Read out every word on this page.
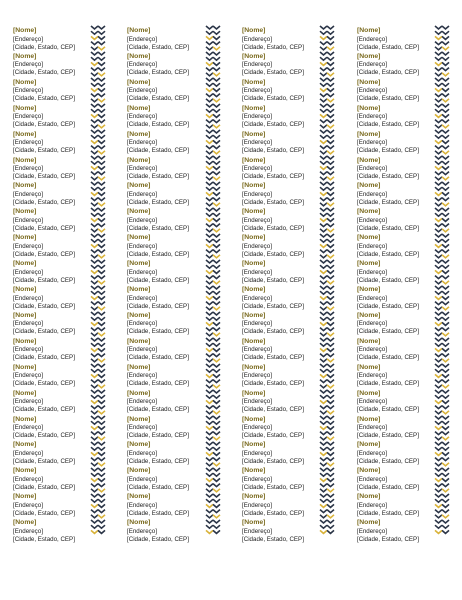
[Nome]
[Endereço]
[Cidade, Estado, CEP]
[Nome]
[Endereço]
[Cidade, Estado, CEP]
[Nome]
[Endereço]
[Cidade, Estado, CEP]
[Nome]
[Endereço]
[Cidade, Estado, CEP]
[Nome]
[Endereço]
[Cidade, Estado, CEP]
[Nome]
[Endereço]
[Cidade, Estado, CEP]
[Nome]
[Endereço]
[Cidade, Estado, CEP]
[Nome]
[Endereço]
[Cidade, Estado, CEP]
[Nome]
[Endereço]
[Cidade, Estado, CEP]
[Nome]
[Endereço]
[Cidade, Estado, CEP]
[Nome]
[Endereço]
[Cidade, Estado, CEP]
[Nome]
[Endereço]
[Cidade, Estado, CEP]
[Nome]
[Endereço]
[Cidade, Estado, CEP]
[Nome]
[Endereço]
[Cidade, Estado, CEP]
[Nome]
[Endereço]
[Cidade, Estado, CEP]
[Nome]
[Endereço]
[Cidade, Estado, CEP]
[Nome]
[Endereço]
[Cidade, Estado, CEP]
[Nome]
[Endereço]
[Cidade, Estado, CEP]
[Nome]
[Endereço]
[Cidade, Estado, CEP]
[Nome]
[Endereço]
[Cidade, Estado, CEP]
[Nome]
[Endereço]
[Cidade, Estado, CEP]
[Nome]
[Endereço]
[Cidade, Estado, CEP]
[Nome]
[Endereço]
[Cidade, Estado, CEP]
[Nome]
[Endereço]
[Cidade, Estado, CEP]
[Nome]
[Endereço]
[Cidade, Estado, CEP]
[Nome]
[Endereço]
[Cidade, Estado, CEP]
[Nome]
[Endereço]
[Cidade, Estado, CEP]
[Nome]
[Endereço]
[Cidade, Estado, CEP]
[Nome]
[Endereço]
[Cidade, Estado, CEP]
[Nome]
[Endereço]
[Cidade, Estado, CEP]
[Nome]
[Endereço]
[Cidade, Estado, CEP]
[Nome]
[Endereço]
[Cidade, Estado, CEP]
[Nome]
[Endereço]
[Cidade, Estado, CEP]
[Nome]
[Endereço]
[Cidade, Estado, CEP]
[Nome]
[Endereço]
[Cidade, Estado, CEP]
[Nome]
[Endereço]
[Cidade, Estado, CEP]
[Nome]
[Endereço]
[Cidade, Estado, CEP]
[Nome]
[Endereço]
[Cidade, Estado, CEP]
[Nome]
[Endereço]
[Cidade, Estado, CEP]
[Nome]
[Endereço]
[Cidade, Estado, CEP]
[Nome]
[Endereço]
[Cidade, Estado, CEP]
[Nome]
[Endereço]
[Cidade, Estado, CEP]
[Nome]
[Endereço]
[Cidade, Estado, CEP]
[Nome]
[Endereço]
[Cidade, Estado, CEP]
[Nome]
[Endereço]
[Cidade, Estado, CEP]
[Nome]
[Endereço]
[Cidade, Estado, CEP]
[Nome]
[Endereço]
[Cidade, Estado, CEP]
[Nome]
[Endereço]
[Cidade, Estado, CEP]
[Nome]
[Endereço]
[Cidade, Estado, CEP]
[Nome]
[Endereço]
[Cidade, Estado, CEP]
[Nome]
[Endereço]
[Cidade, Estado, CEP]
[Nome]
[Endereço]
[Cidade, Estado, CEP]
[Nome]
[Endereço]
[Cidade, Estado, CEP]
[Nome]
[Endereço]
[Cidade, Estado, CEP]
[Nome]
[Endereço]
[Cidade, Estado, CEP]
[Nome]
[Endereço]
[Cidade, Estado, CEP]
[Nome]
[Endereço]
[Cidade, Estado, CEP]
[Nome]
[Endereço]
[Cidade, Estado, CEP]
[Nome]
[Endereço]
[Cidade, Estado, CEP]
[Nome]
[Endereço]
[Cidade, Estado, CEP]
[Nome]
[Endereço]
[Cidade, Estado, CEP]
[Nome]
[Endereço]
[Cidade, Estado, CEP]
[Nome]
[Endereço]
[Cidade, Estado, CEP]
[Nome]
[Endereço]
[Cidade, Estado, CEP]
[Nome]
[Endereço]
[Cidade, Estado, CEP]
[Nome]
[Endereço]
[Cidade, Estado, CEP]
[Nome]
[Endereço]
[Cidade, Estado, CEP]
[Nome]
[Endereço]
[Cidade, Estado, CEP]
[Nome]
[Endereço]
[Cidade, Estado, CEP]
[Nome]
[Endereço]
[Cidade, Estado, CEP]
[Nome]
[Endereço]
[Cidade, Estado, CEP]
[Nome]
[Endereço]
[Cidade, Estado, CEP]
[Nome]
[Endereço]
[Cidade, Estado, CEP]
[Nome]
[Endereço]
[Cidade, Estado, CEP]
[Nome]
[Endereço]
[Cidade, Estado, CEP]
[Nome]
[Endereço]
[Cidade, Estado, CEP]
[Nome]
[Endereço]
[Cidade, Estado, CEP]
[Nome]
[Endereço]
[Cidade, Estado, CEP]
[Nome]
[Endereço]
[Cidade, Estado, CEP]
[Nome]
[Endereço]
[Cidade, Estado, CEP]
